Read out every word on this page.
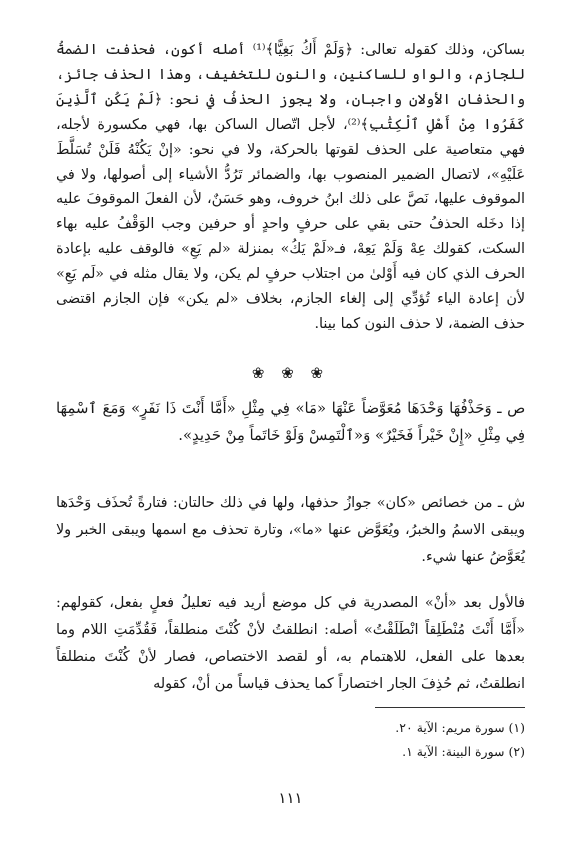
بساكن، وذلك كقوله تعالى: ﴿وَلَمْ أَكُ بَغِيًّا﴾⁽¹⁾ أصله أكون، فحذفت الضمةُ للجازم، والواو للساكنين، والنون للتخفيف، وهذا الحذف جائز، والحذفان الأولان واجبان، ولا يجوز الحذفُ في نحو: ﴿لَمْ يَكُنِ ٱلَّذِينَ كَفَرُوا مِنْ أَهْلِ ٱلْكِتَٰبِ﴾⁽²⁾، لأجل اتّصال الساكن بها، فهي مكسورة لأجله، فهي متعاصية على الحذف لقوتها بالحركة، ولا في نحو: «إنْ يَكُنْهُ فَلَنْ تُسَلَّطَ عَلَيْهِ»، لاتصال الضمير المنصوب بها، والضمائر تَرُدُّ الأشياء إلى أصولها، ولا في الموقوف عليها، نَصَّ على ذلك ابنُ خروف، وهو حَسَنٌ، لأن الفعلَ الموقوفَ عليه إذا دخَله الحذفُ حتى بقي على حرفٍ واحدٍ أو حرفين وجب الوَقْفُ عليه بهاء السكت، كقولك عِهْ وَلَمْ يَعِهْ، فـ«لَمْ يَكُ» بمنزلة «لم يَعِ» فالوقف عليه بإعادة الحرف الذي كان فيه أَوْلىٰ من اجتلاب حرفٍ لم يكن، ولا يقال مثله في «لَم يَعِ» لأن إعادة الياء تُؤدِّي إلى إلغاء الجازم، بخلاف «لم يكن» فإن الجازم اقتضى حذف الضمة، لا حذف النون كما بينا.

❀ ❀ ❀

ص ـ وَحَذْفُهَا وَحْدَهَا مُعَوَّضاً عَنْهَا «مَا» فِي مِثْلِ «أَمَّا أَنْتَ ذَا نَفَرٍ» وَمَعَ ٱسْمِهَا فِي مِثْلِ «إِنْ خَيْراً فَخَيْرٌ» وَ«ٱلْتَمِسْ وَلَوْ خَاتَماً مِنْ حَدِيدٍ».

ش ـ من خصائص «كان» جوازُ حذفها، ولها في ذلك حالتان: فتارةً تُحذَف وَحْدَها ويبقى الاسمُ والخبرُ، ويُعَوَّض عنها «ما»، وتارة تحذف مع اسمها ويبقى الخبر ولا يُعَوَّضُ عنها شيء.

فالأول بعد «أنْ» المصدرية في كل موضع أريد فيه تعليلُ فعلٍ بفعل، كقولهم: «أَمَّا أَنْتَ مُنْطَلِقاً انْطَلَقْتُ» أصله: انطلقتُ لأنْ كُنْتَ منطلقاً، فَقُدِّمَتِ اللام وما بعدها على الفعل، للاهتمام به، أو لقصد الاختصاص، فصار لأنْ كُنْتَ منطلقاً انطلقتُ، ثم حُذِفَ الجار اختصاراً كما يحذف قياساً من أنْ، كقوله

(١) سورة مريم: الآية ٢٠.
(٢) سورة البينة: الآية ١.
١١١
